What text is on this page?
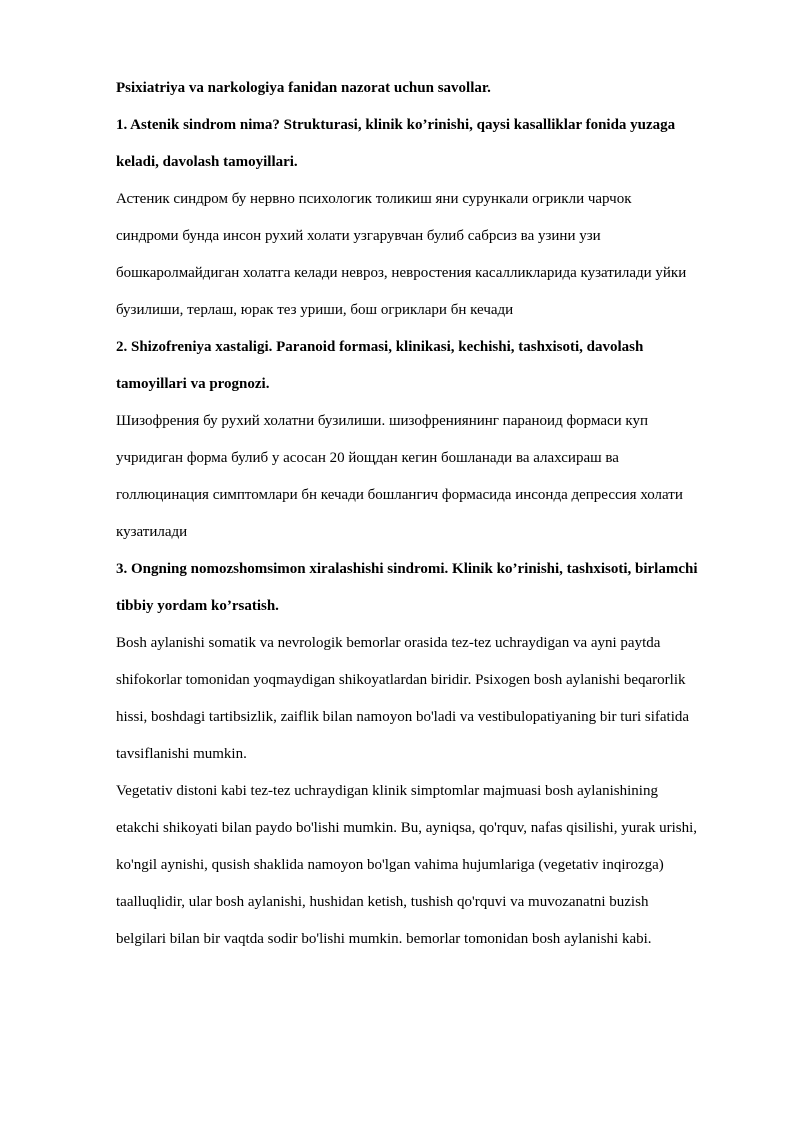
Psixiatriya va narkologiya fanidan nazorat uchun savollar.

1. Astenik sindrom nima? Strukturasi, klinik ko’rinishi, qaysi kasalliklar fonida yuzaga

keladi, davolash tamoyillari.

Астеник синдром бу нервно психологик толикиш яни сурункали огрикли чарчок

синдроми бунда инсон рухий холати узгарувчан булиб сабрсиз ва узини узи

бошкаролмайдиган холатга келади невроз, невростения касалликларида кузатилади уйки

бузилиши, терлаш, юрак тез уриши, бош огриклари бн кечади

2. Shizofreniya xastaligi. Paranoid formasi, klinikasi, kechishi, tashxisoti, davolash

tamoyillari va prognozi.

Шизофрения бу рухий холатни бузилиши. шизофрениянинг параноид формаси куп

учридиган форма булиб у асосан 20 йощдан кегин бошланади ва алахсираш ва

голлюцинация симптомлари бн кечади бошлангич формасида инсонда депрессия холати

кузатилади

3. Ongning nomozshomsimon xiralashishi sindromi. Klinik ko’rinishi, tashxisoti, birlamchi

tibbiy yordam ko’rsatish.

Bosh aylanishi somatik va nevrologik bemorlar orasida tez-tez uchraydigan va ayni paytda

shifokorlar tomonidan yoqmaydigan shikoyatlardan biridir. Psixogen bosh aylanishi beqarorlik

hissi, boshdagi tartibsizlik, zaiflik bilan namoyon bo'ladi va vestibulopatiyaning bir turi sifatida

tavsiflanishi mumkin.

Vegetativ distoni kabi tez-tez uchraydigan klinik simptomlar majmuasi bosh aylanishining

etakchi shikoyati bilan paydo bo'lishi mumkin. Bu, ayniqsa, qo'rquv, nafas qisilishi, yurak urishi,

ko'ngil aynishi, qusish shaklida namoyon bo'lgan vahima hujumlariga (vegetativ inqirozga)

taalluqlidir, ular bosh aylanishi, hushidan ketish, tushish qo'rquvi va muvozanatni buzish

belgilari bilan bir vaqtda sodir bo'lishi mumkin. bemorlar tomonidan bosh aylanishi kabi.
